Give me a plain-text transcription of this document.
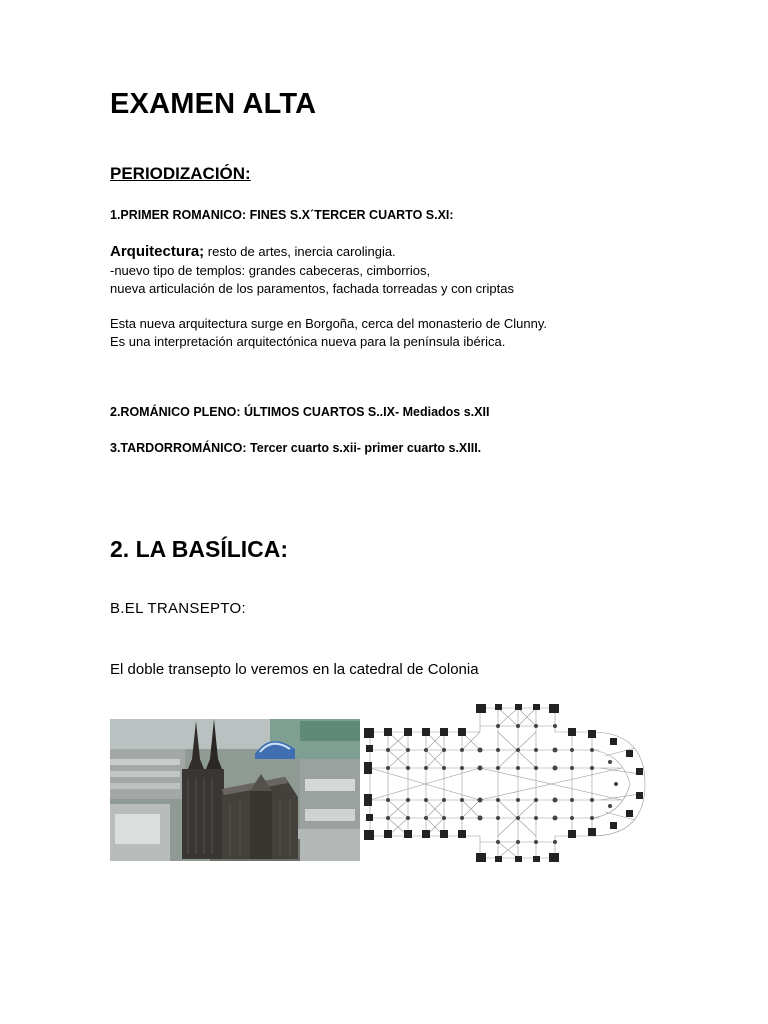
EXAMEN ALTA
PERIODIZACIÓN:
1.PRIMER ROMANICO: FINES S.X´TERCER CUARTO S.XI:
Arquitectura; resto de artes, inercia carolingia.
-nuevo tipo de templos: grandes cabeceras, cimborrios,
nueva articulación de los paramentos, fachada torreadas y con criptas
Esta nueva arquitectura surge en Borgoña, cerca del monasterio de Clunny.
Es una interpretación arquitectónica nueva para la península ibérica.
2.ROMÁNICO PLENO: ÚLTIMOS CUARTOS S..IX- Mediados s.XII
3.TARDORROMÁNICO: Tercer cuarto s.xii- primer cuarto s.XIII.
2. LA BASÍLICA:
B.EL TRANSEPTO:
El doble transepto lo veremos en la catedral de Colonia
